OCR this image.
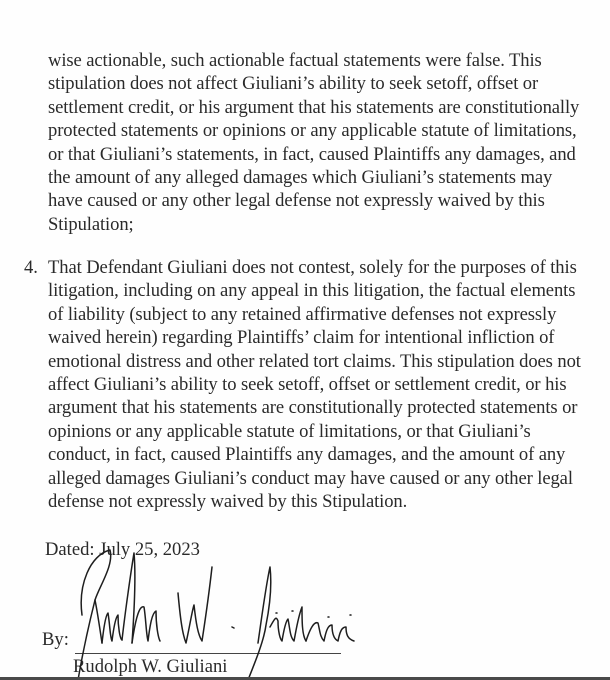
wise actionable, such actionable factual statements were false. This
stipulation does not affect Giuliani’s ability to seek setoff, offset or
settlement credit, or his argument that his statements are constitutionally
protected statements or opinions or any applicable statute of limitations,
or that Giuliani’s statements, in fact, caused Plaintiffs any damages, and
the amount of any alleged damages which Giuliani’s statements may
have caused or any other legal defense not expressly waived by this
Stipulation;
4. That Defendant Giuliani does not contest, solely for the purposes of this
litigation, including on any appeal in this litigation, the factual elements
of liability (subject to any retained affirmative defenses not expressly
waived herein) regarding Plaintiffs’ claim for intentional infliction of
emotional distress and other related tort claims. This stipulation does not
affect Giuliani’s ability to seek setoff, offset or settlement credit, or his
argument that his statements are constitutionally protected statements or
opinions or any applicable statute of limitations, or that Giuliani’s
conduct, in fact, caused Plaintiffs any damages, and the amount of any
alleged damages Giuliani’s conduct may have caused or any other legal
defense not expressly waived by this Stipulation.
Dated: July 25, 2023
By:
Rudolph W. Giuliani
